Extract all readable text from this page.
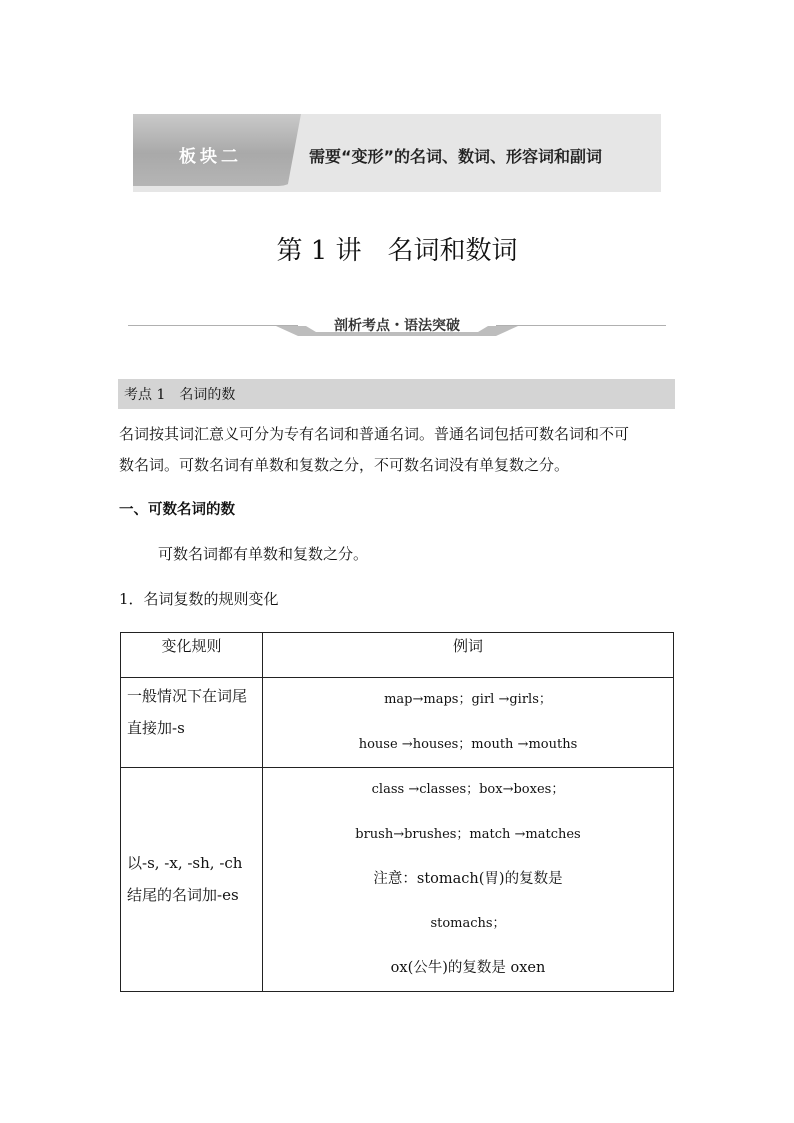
板块二	需要“变形”的名词、数词、形容词和副词
第 1 讲　名词和数词
剖析考点・语法突破
考点 1　名词的数
名词按其词汇意义可分为专有名词和普通名词。普通名词包括可数名词和不可
数名词。可数名词有单数和复数之分，不可数名词没有单复数之分。
一、可数名词的数
可数名词都有单数和复数之分。
1．名词复数的规则变化
变化规则	例词

一般情况下在词尾直接加-s	map→maps；girl →girls；
house →houses；mouth →mouths

以-s, -x, -sh, -ch 结尾的名词加-es	class →classes；box→boxes；
brush→brushes；match →matches
注意：stomach(胃)的复数是
stomachs；
ox(公牛)的复数是 oxen
